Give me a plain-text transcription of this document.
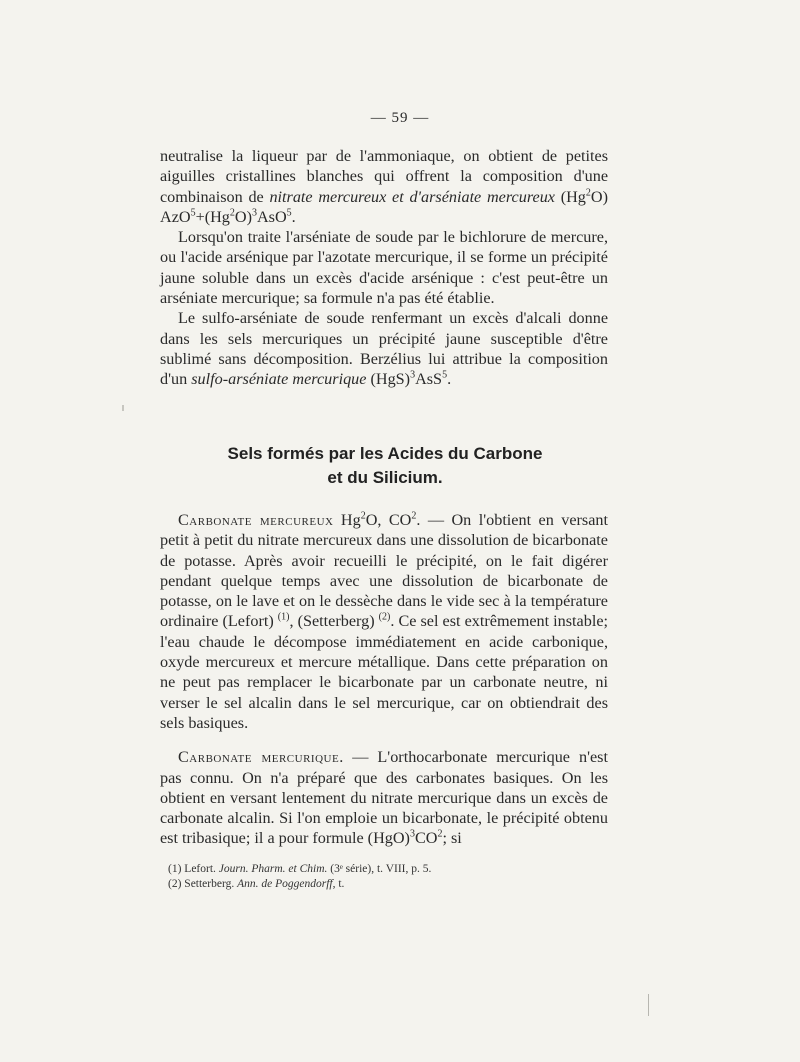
— 59 —

neutralise la liqueur par de l'ammoniaque, on obtient de petites aiguilles cristallines blanches qui offrent la composition d'une combinaison de nitrate mercureux et d'arséniate mercureux (Hg$^2$O) $AzO^5+(Hg^2O)^3AsO^5$.

Lorsqu'on traite l'arséniate de soude par le bichlorure de mercure, ou l'acide arsénique par l'azotate mercurique, il se forme un précipité jaune soluble dans un excès d'acide arsénique : c'est peut-être un arséniate mercurique; sa formule n'a pas été établie.

Le sulfo-arséniate de soude renfermant un excès d'alcali donne dans les sels mercuriques un précipité jaune susceptible d'être sublimé sans décomposition. Berzélius lui attribue la composition d'un sulfo-arséniate mercurique (HgS)$^3$AsS$^5$.

Sels formés par les Acides du Carbone
et du Silicium.

Carbonate mercureux Hg$^2$O, $CO^2$. — On l'obtient en versant petit à petit du nitrate mercureux dans une dissolution de bicarbonate de potasse. Après avoir recueilli le précipité, on le fait digérer pendant quelque temps avec une dissolution de bicarbonate de potasse, on le lave et on le dessèche dans le vide sec à la température ordinaire (Lefort) $^{(1)}$, (Setterberg) $^{(2)}$. Ce sel est extrêmement instable; l'eau chaude le décompose immédiatement en acide carbonique, oxyde mercureux et mercure métallique. Dans cette préparation on ne peut pas remplacer le bicarbonate par un carbonate neutre, ni verser le sel alcalin dans le sel mercurique, car on obtiendrait des sels basiques.

Carbonate mercurique. — L'orthocarbonate mercurique n'est pas connu. On n'a préparé que des carbonates basiques. On les obtient en versant lentement du nitrate mercurique dans un excès de carbonate alcalin. Si l'on emploie un bicarbonate, le précipité obtenu est tribasique; il a pour formule $(HgO)^3CO^2$; si

(1) Lefort. Journ. Pharm. et Chim. (3ᵉ série), t. VIII, p. 5.
(2) Setterberg. Ann. de Poggendorff, t.
